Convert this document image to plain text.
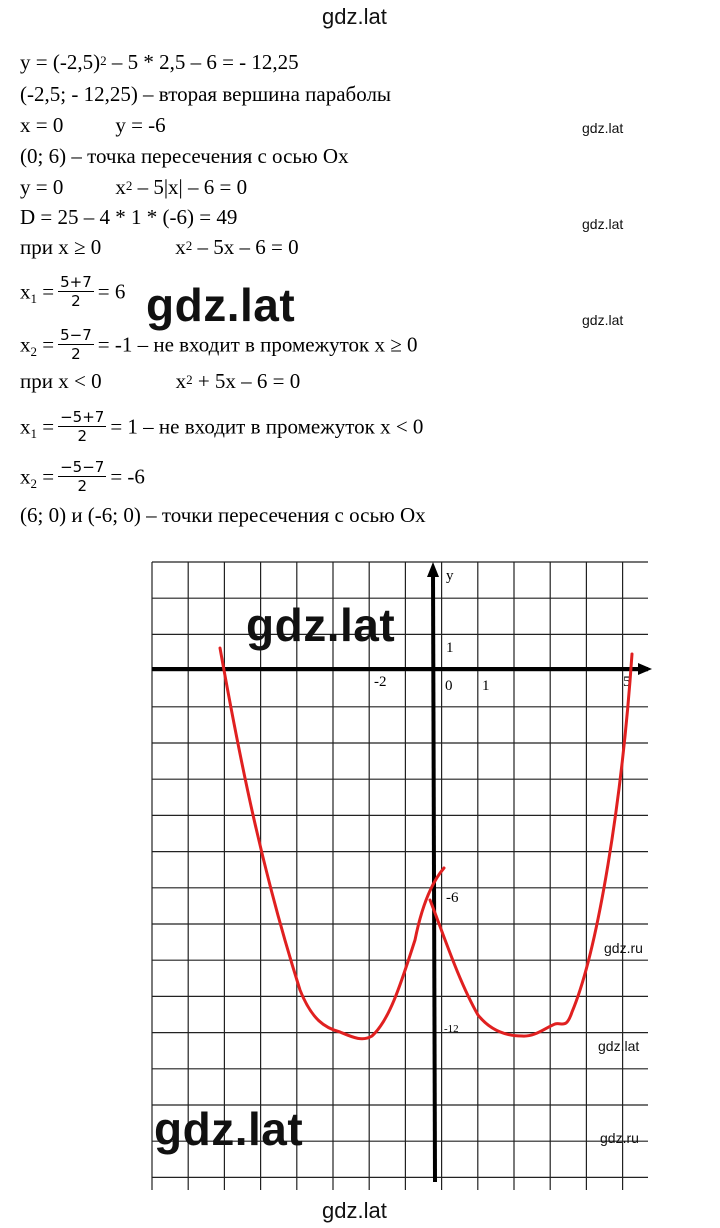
gdz.lat
gdz.lat
gdz.lat
gdz.lat
$y = (-2,5)^2 - 5 * 2,5 - 6$ = - 12,25
(-2,5; - 12,25) – вторая вершина параболы
x = 0 y = -6
(0; 6) – точка пересечения с осью Ox
y = 0 $x^2 - 5|x| - 6 = 0$
D = 25 – 4 * 1 * (-6) = 49
при x ≥ 0	$x^2 - 5x - 6 = 0$
$x_1 = \frac{5+7}{2} = 6$
$x_2 = \frac{5-7}{2} = -1$ – не входит в промежуток x ≥ 0
при x < 0	$x^2 + 5x - 6 = 0$
$x_1 = \frac{-5+7}{2} = 1$ – не входит в промежуток x < 0
$x_2 = \frac{-5-7}{2} = -6$
(6; 0) и (-6; 0) – точки пересечения с осью Ox
gdz.lat
y
1
0 1
-2	5
-6
-12
gdz.lat
gdz.lat
gdz.ru
gdz.lat
gdz.ru
gdz.lat
